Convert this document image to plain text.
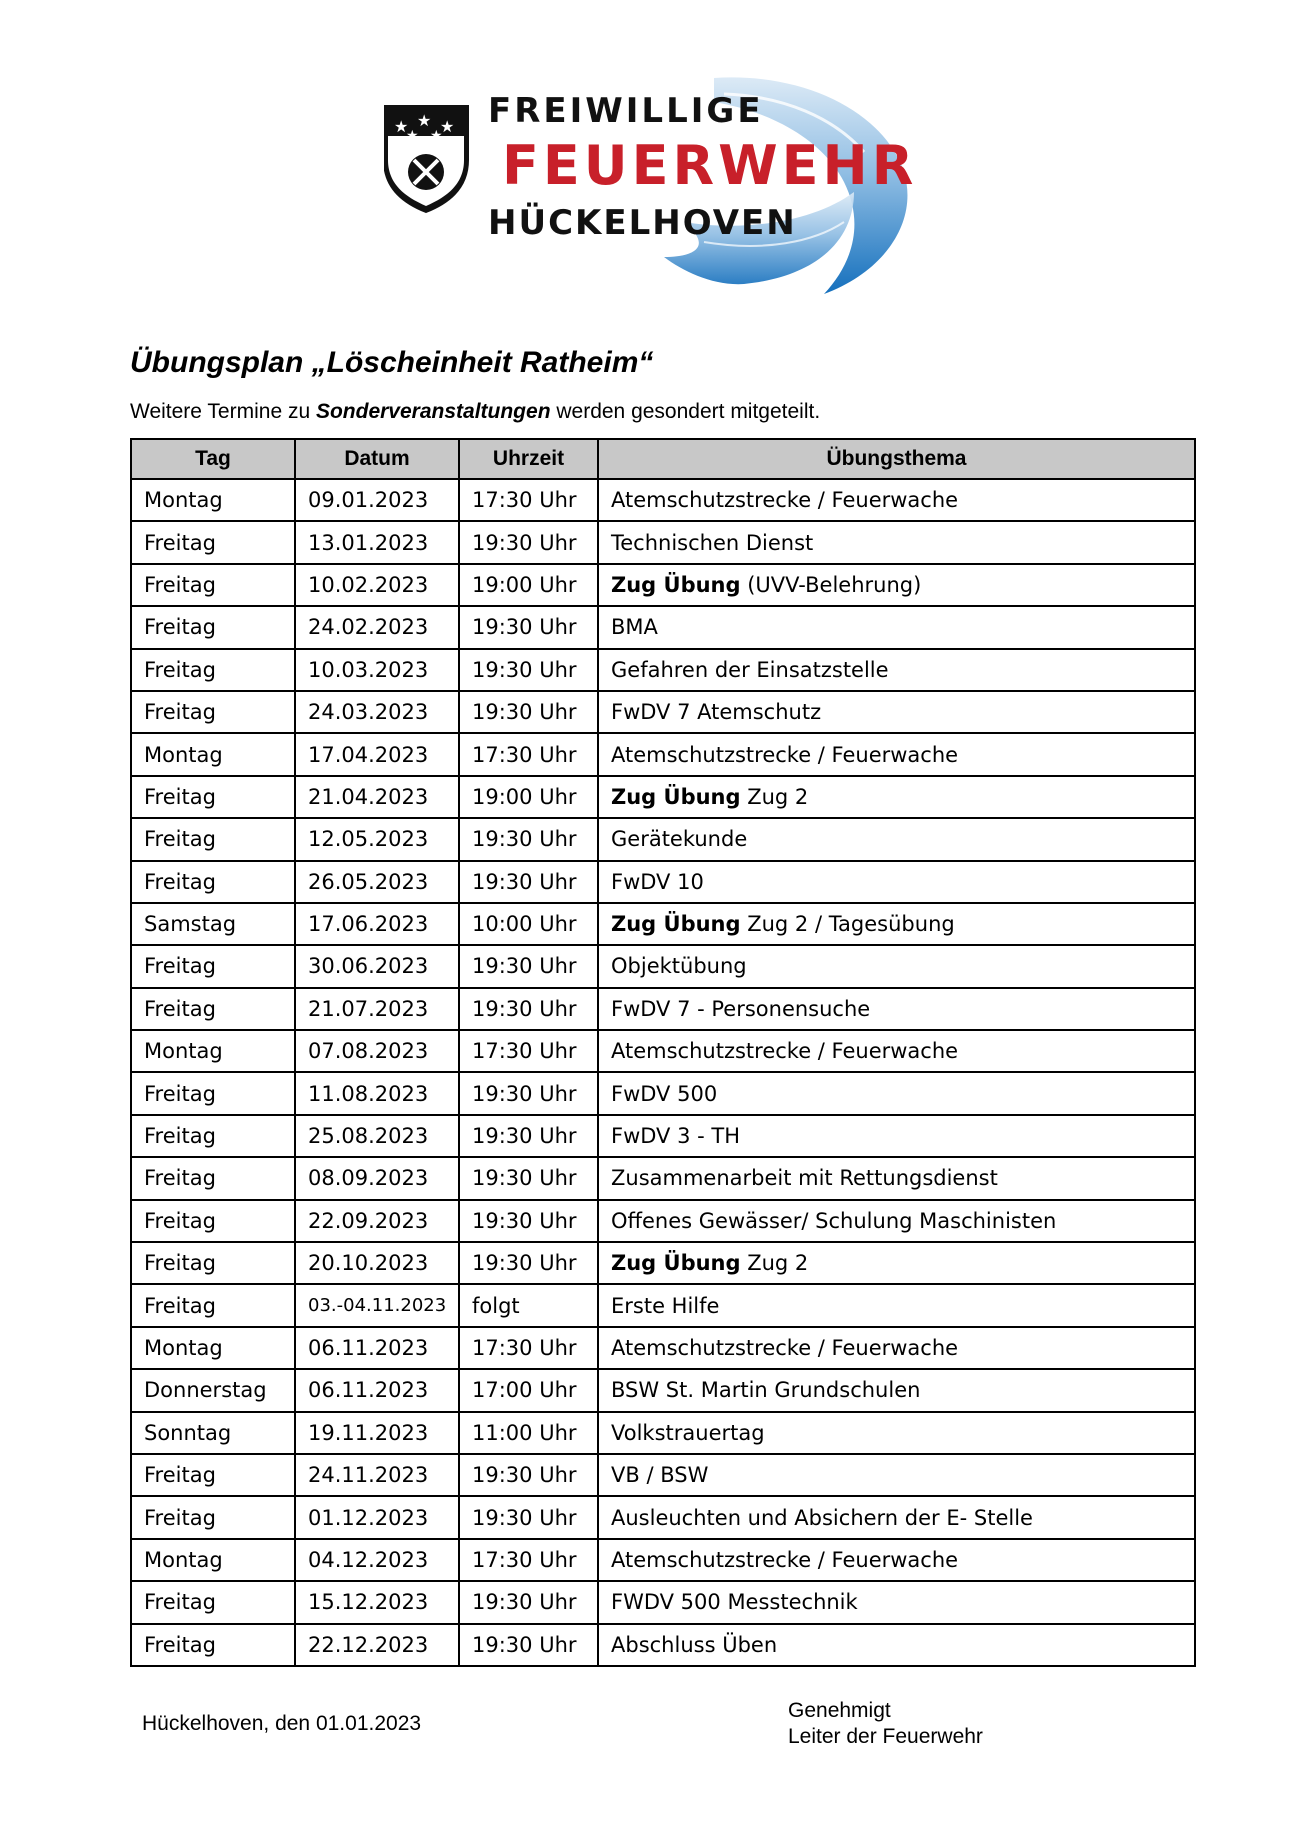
★ ★ ★
★ ★
FREIWILLIGE
FEUERWEHR
HÜCKELHOVEN
Übungsplan „Löscheinheit Ratheim“
Weitere Termine zu Sonderveranstaltungen werden gesondert mitgeteilt.
Tag	Datum	Uhrzeit	Übungsthema
Montag	09.01.2023	17:30 Uhr	Atemschutzstrecke / Feuerwache
Freitag	13.01.2023	19:30 Uhr	Technischen Dienst
Freitag	10.02.2023	19:00 Uhr	Zug Übung (UVV-Belehrung)
Freitag	24.02.2023	19:30 Uhr	BMA
Freitag	10.03.2023	19:30 Uhr	Gefahren der Einsatzstelle
Freitag	24.03.2023	19:30 Uhr	FwDV 7 Atemschutz
Montag	17.04.2023	17:30 Uhr	Atemschutzstrecke / Feuerwache
Freitag	21.04.2023	19:00 Uhr	Zug Übung Zug 2
Freitag	12.05.2023	19:30 Uhr	Gerätekunde
Freitag	26.05.2023	19:30 Uhr	FwDV 10
Samstag	17.06.2023	10:00 Uhr	Zug Übung Zug 2 / Tagesübung
Freitag	30.06.2023	19:30 Uhr	Objektübung
Freitag	21.07.2023	19:30 Uhr	FwDV 7 - Personensuche
Montag	07.08.2023	17:30 Uhr	Atemschutzstrecke / Feuerwache
Freitag	11.08.2023	19:30 Uhr	FwDV 500
Freitag	25.08.2023	19:30 Uhr	FwDV 3 - TH
Freitag	08.09.2023	19:30 Uhr	Zusammenarbeit mit Rettungsdienst
Freitag	22.09.2023	19:30 Uhr	Offenes Gewässer/ Schulung Maschinisten
Freitag	20.10.2023	19:30 Uhr	Zug Übung Zug 2
Freitag	03.-04.11.2023	folgt	Erste Hilfe
Montag	06.11.2023	17:30 Uhr	Atemschutzstrecke / Feuerwache
Donnerstag	06.11.2023	17:00 Uhr	BSW St. Martin Grundschulen
Sonntag	19.11.2023	11:00 Uhr	Volkstrauertag
Freitag	24.11.2023	19:30 Uhr	VB / BSW
Freitag	01.12.2023	19:30 Uhr	Ausleuchten und Absichern der E- Stelle
Montag	04.12.2023	17:30 Uhr	Atemschutzstrecke / Feuerwache
Freitag	15.12.2023	19:30 Uhr	FWDV 500 Messtechnik
Freitag	22.12.2023	19:30 Uhr	Abschluss Üben
Hückelhoven, den 01.01.2023
Genehmigt
Leiter der Feuerwehr
